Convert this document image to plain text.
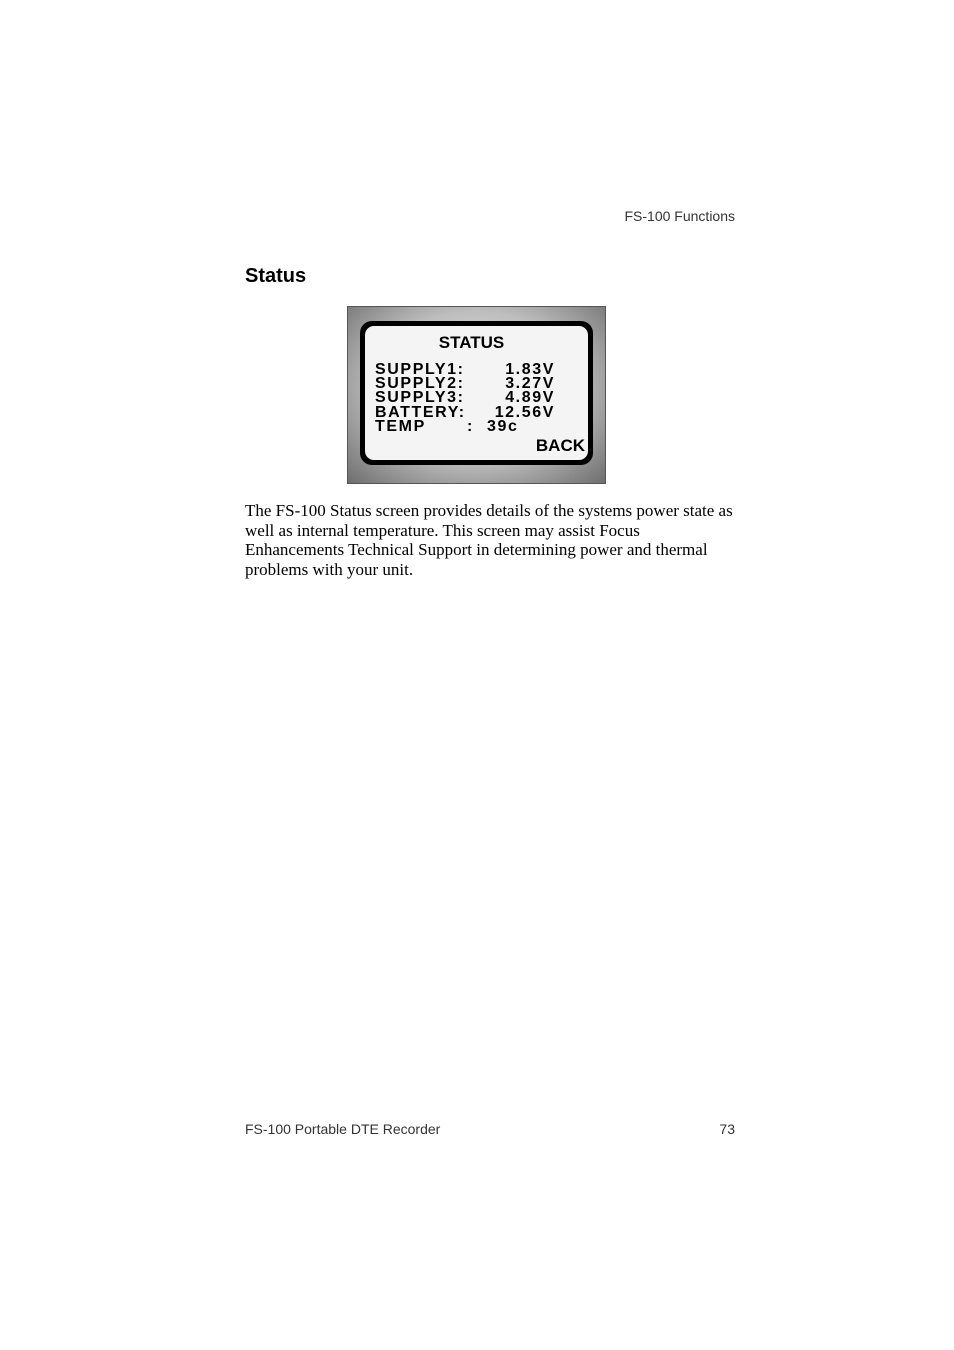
FS-100 Functions
Status
STATUS
SUPPLY1:	1.83V
SUPPLY2:	3.27V
SUPPLY3:	4.89V
BATTERY: 12.56V
TEMP	: 39c
BACK
The FS-100 Status screen provides details of the systems power state as well as internal temperature. This screen may assist Focus Enhancements Technical Support in determining power and thermal problems with your unit.
FS-100 Portable DTE Recorder	73
